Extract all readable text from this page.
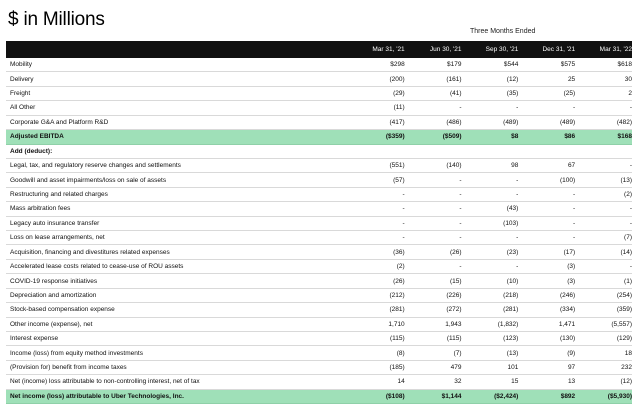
$ in Millions
Three Months Ended
Mar 31, '21	Jun 30, '21	Sep 30, '21	Dec 31, '21	Mar 31, '22
Mobility	$298	$179	$544	$575	$618
Delivery	(200)	(161)	(12)	25	30
Freight	(29)	(41)	(35)	(25)	2
All Other	(11)	-	-	-	-
Corporate G&A and Platform R&D	(417)	(486)	(489)	(489)	(482)
Adjusted EBITDA	($359)	($509)	$8	$86	$168
Add (deduct):
Legal, tax, and regulatory reserve changes and settlements	(551)	(140)	98	67	-
Goodwill and asset impairments/loss on sale of assets	(57)	-	-	(100)	(13)
Restructuring and related charges	-	-	-	-	(2)
Mass arbitration fees	-	-	(43)	-	-
Legacy auto insurance transfer	-	-	(103)	-	-
Loss on lease arrangements, net	-	-	-	-	(7)
Acquisition, financing and divestitures related expenses	(36)	(26)	(23)	(17)	(14)
Accelerated lease costs related to cease-use of ROU assets	(2)	-	-	(3)	-
COVID-19 response initiatives	(26)	(15)	(10)	(3)	(1)
Depreciation and amortization	(212)	(226)	(218)	(246)	(254)
Stock-based compensation expense	(281)	(272)	(281)	(334)	(359)
Other income (expense), net	1,710	1,943	(1,832)	1,471	(5,557)
Interest expense	(115)	(115)	(123)	(130)	(129)
Income (loss) from equity method investments	(8)	(7)	(13)	(9)	18
(Provision for) benefit from income taxes	(185)	479	101	97	232
Net (income) loss attributable to non-controlling interest, net of tax	14	32	15	13	(12)
Net income (loss) attributable to Uber Technologies, Inc.	($108)	$1,144	($2,424)	$892	($5,930)
